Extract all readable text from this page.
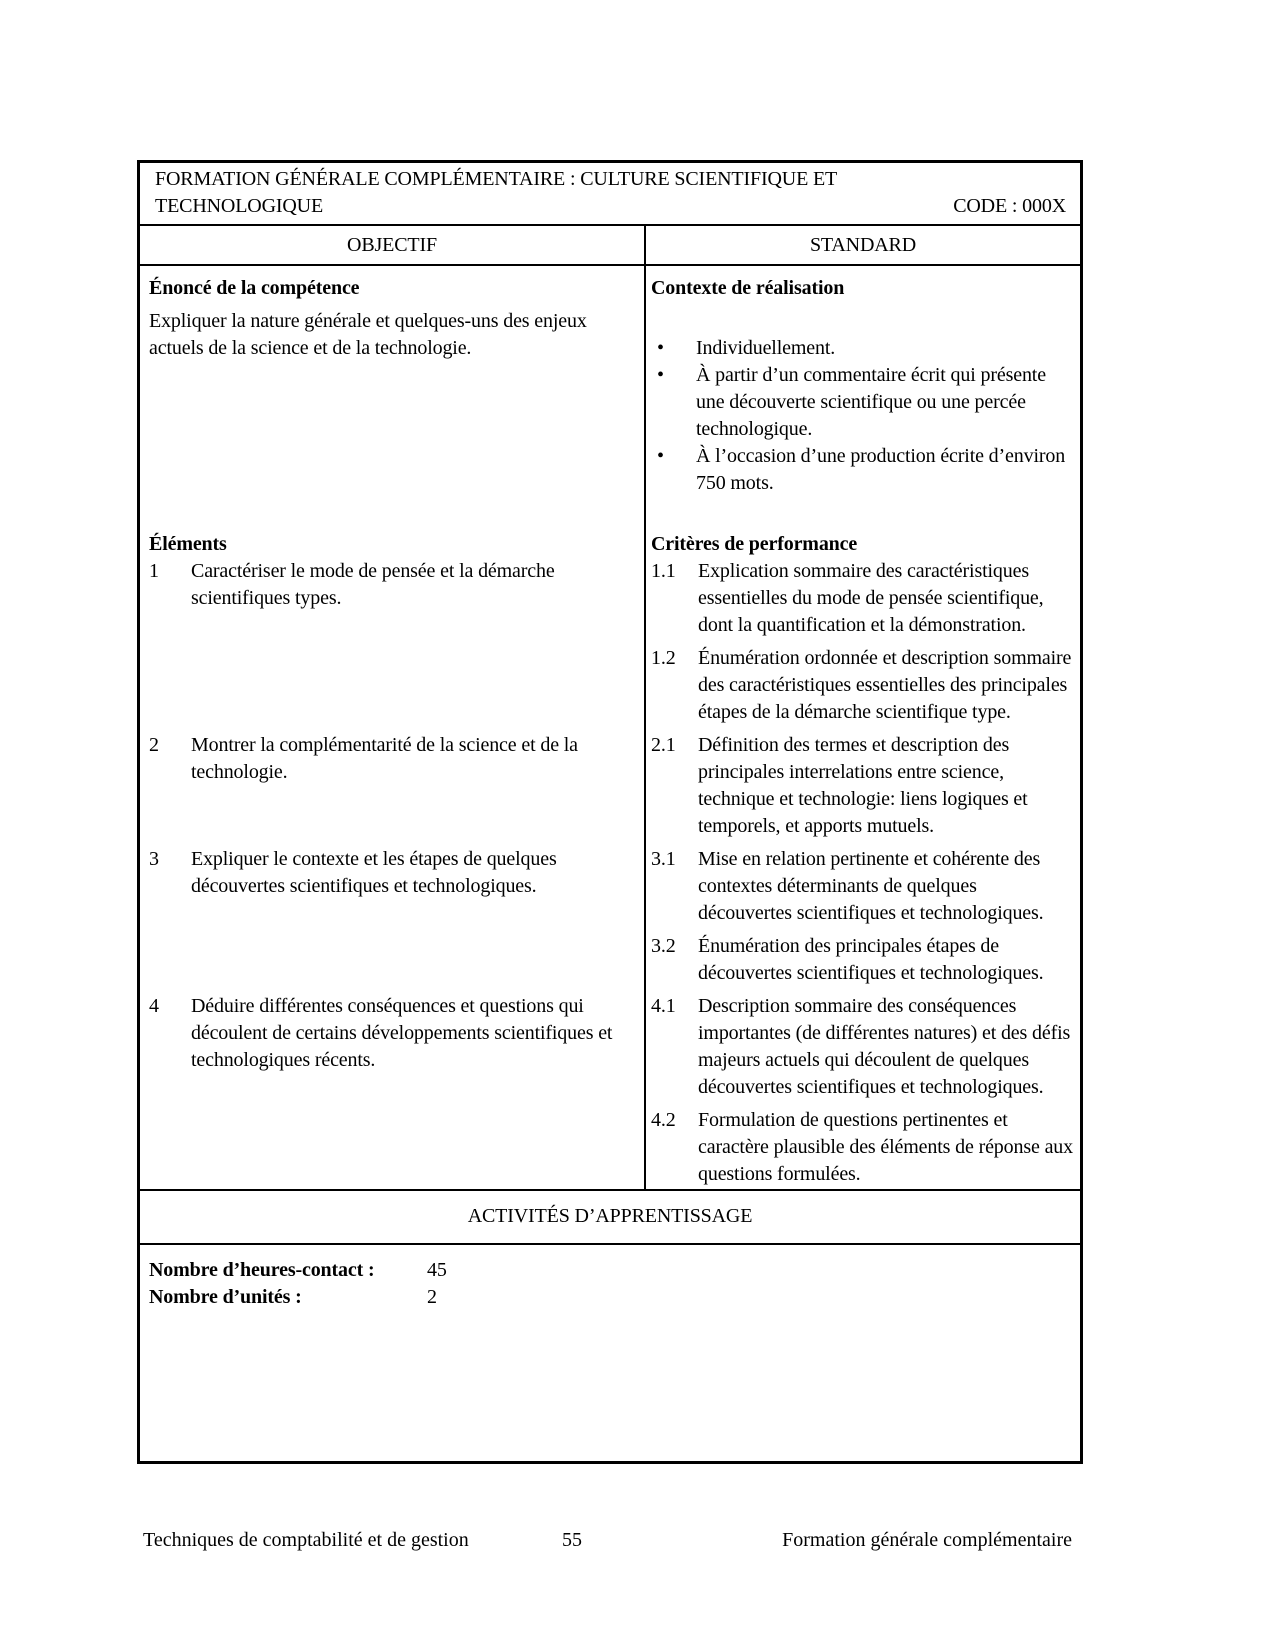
FORMATION GÉNÉRALE COMPLÉMENTAIRE : CULTURE SCIENTIFIQUE ET
TECHNOLOGIQUE	CODE : 000X
OBJECTIF	STANDARD
Énoncé de la compétence
Expliquer la nature générale et quelques-uns des enjeux actuels de la science et de la technologie.
Éléments
1	Caractériser le mode de pensée et la démarche scientifiques types.
2	Montrer la complémentarité de la science et de la technologie.
3	Expliquer le contexte et les étapes de quelques découvertes scientifiques et technologiques.
4	Déduire différentes conséquences et questions qui découlent de certains développements scientifiques et technologiques récents.
Contexte de réalisation
•	Individuellement.
•	À partir d’un commentaire écrit qui présente une découverte scientifique ou une percée technologique.
•	À l’occasion d’une production écrite d’environ 750 mots.
Critères de performance
1.1	Explication sommaire des caractéristiques essentielles du mode de pensée scientifique, dont la quantification et la démonstration.
1.2	Énumération ordonnée et description sommaire des caractéristiques essentielles des principales étapes de la démarche scientifique type.
2.1	Définition des termes et description des principales interrelations entre science, technique et technologie: liens logiques et temporels, et apports mutuels.
3.1	Mise en relation pertinente et cohérente des contextes déterminants de quelques découvertes scientifiques et technologiques.
3.2	Énumération des principales étapes de découvertes scientifiques et technologiques.
4.1	Description sommaire des conséquences importantes (de différentes natures) et des défis majeurs actuels qui découlent de quelques découvertes scientifiques et technologiques.
4.2	Formulation de questions pertinentes et caractère plausible des éléments de réponse aux questions formulées.
ACTIVITÉS D’APPRENTISSAGE
Nombre d’heures-contact :	45
Nombre d’unités :	2
Techniques de comptabilité et de gestion	55	Formation générale complémentaire
